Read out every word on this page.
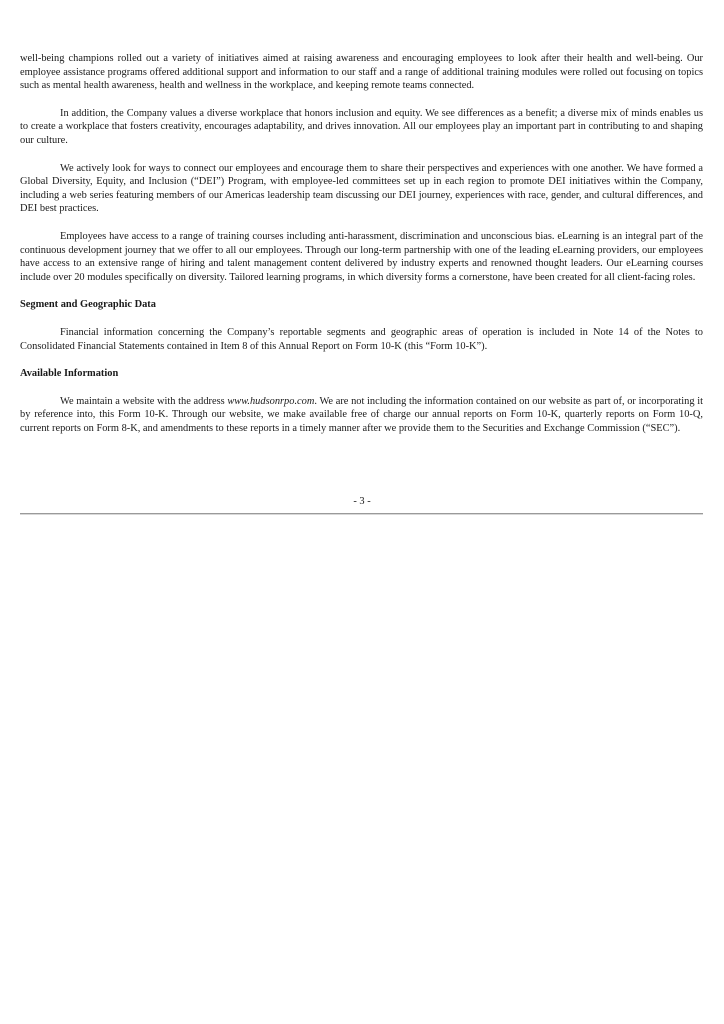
well-being champions rolled out a variety of initiatives aimed at raising awareness and encouraging employees to look after their health and well-being. Our employee assistance programs offered additional support and information to our staff and a range of additional training modules were rolled out focusing on topics such as mental health awareness, health and wellness in the workplace, and keeping remote teams connected.

In addition, the Company values a diverse workplace that honors inclusion and equity. We see differences as a benefit; a diverse mix of minds enables us to create a workplace that fosters creativity, encourages adaptability, and drives innovation. All our employees play an important part in contributing to and shaping our culture.

We actively look for ways to connect our employees and encourage them to share their perspectives and experiences with one another. We have formed a Global Diversity, Equity, and Inclusion (“DEI”) Program, with employee-led committees set up in each region to promote DEI initiatives within the Company, including a web series featuring members of our Americas leadership team discussing our DEI journey, experiences with race, gender, and cultural differences, and DEI best practices.

Employees have access to a range of training courses including anti-harassment, discrimination and unconscious bias. eLearning is an integral part of the continuous development journey that we offer to all our employees. Through our long-term partnership with one of the leading eLearning providers, our employees have access to an extensive range of hiring and talent management content delivered by industry experts and renowned thought leaders. Our eLearning courses include over 20 modules specifically on diversity. Tailored learning programs, in which diversity forms a cornerstone, have been created for all client-facing roles.

Segment and Geographic Data

Financial information concerning the Company’s reportable segments and geographic areas of operation is included in Note 14 of the Notes to Consolidated Financial Statements contained in Item 8 of this Annual Report on Form 10-K (this “Form 10-K”).

Available Information

We maintain a website with the address www.hudsonrpo.com. We are not including the information contained on our website as part of, or incorporating it by reference into, this Form 10-K. Through our website, we make available free of charge our annual reports on Form 10-K, quarterly reports on Form 10-Q, current reports on Form 8-K, and amendments to these reports in a timely manner after we provide them to the Securities and Exchange Commission (“SEC”).

- 3 -
